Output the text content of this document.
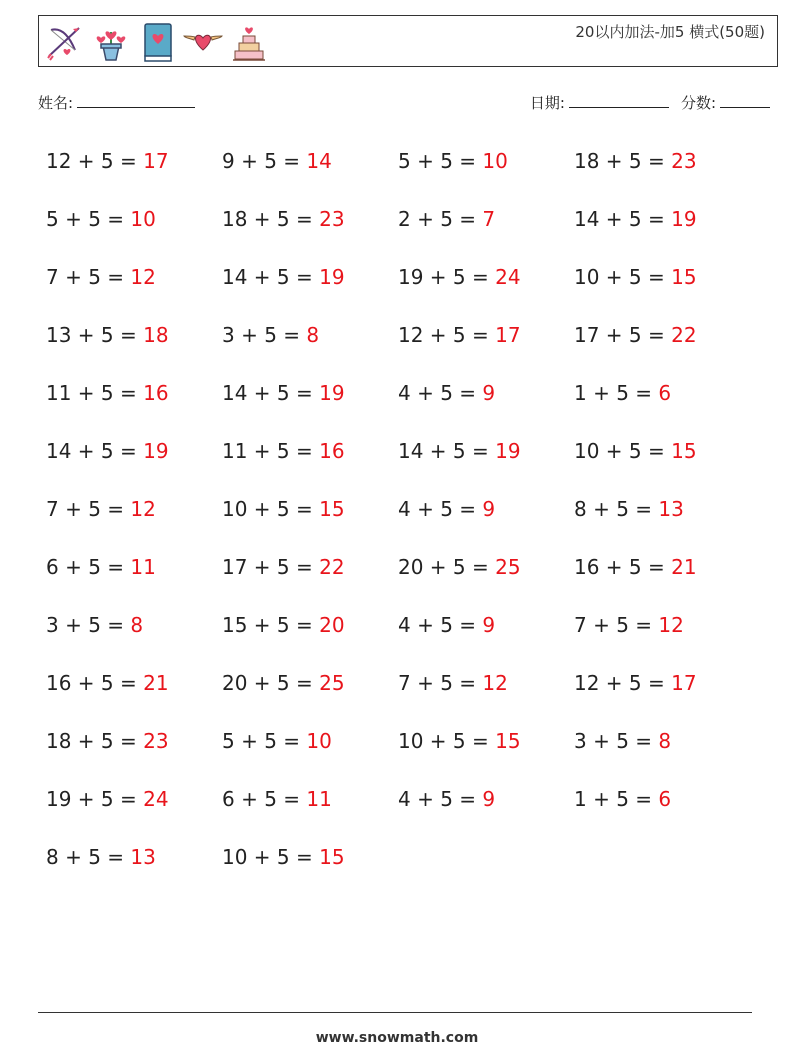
20以内加法-加5 横式(50题)
姓名:	日期:	分数:
12 + 5 = 17	9 + 5 = 14	5 + 5 = 10	18 + 5 = 23
5 + 5 = 10	18 + 5 = 23	2 + 5 = 7	14 + 5 = 19
7 + 5 = 12	14 + 5 = 19	19 + 5 = 24	10 + 5 = 15
13 + 5 = 18	3 + 5 = 8	12 + 5 = 17	17 + 5 = 22
11 + 5 = 16	14 + 5 = 19	4 + 5 = 9	1 + 5 = 6
14 + 5 = 19	11 + 5 = 16	14 + 5 = 19	10 + 5 = 15
7 + 5 = 12	10 + 5 = 15	4 + 5 = 9	8 + 5 = 13
6 + 5 = 11	17 + 5 = 22	20 + 5 = 25	16 + 5 = 21
3 + 5 = 8	15 + 5 = 20	4 + 5 = 9	7 + 5 = 12
16 + 5 = 21	20 + 5 = 25	7 + 5 = 12	12 + 5 = 17
18 + 5 = 23	5 + 5 = 10	10 + 5 = 15	3 + 5 = 8
19 + 5 = 24	6 + 5 = 11	4 + 5 = 9	1 + 5 = 6
8 + 5 = 13	10 + 5 = 15
www.snowmath.com
